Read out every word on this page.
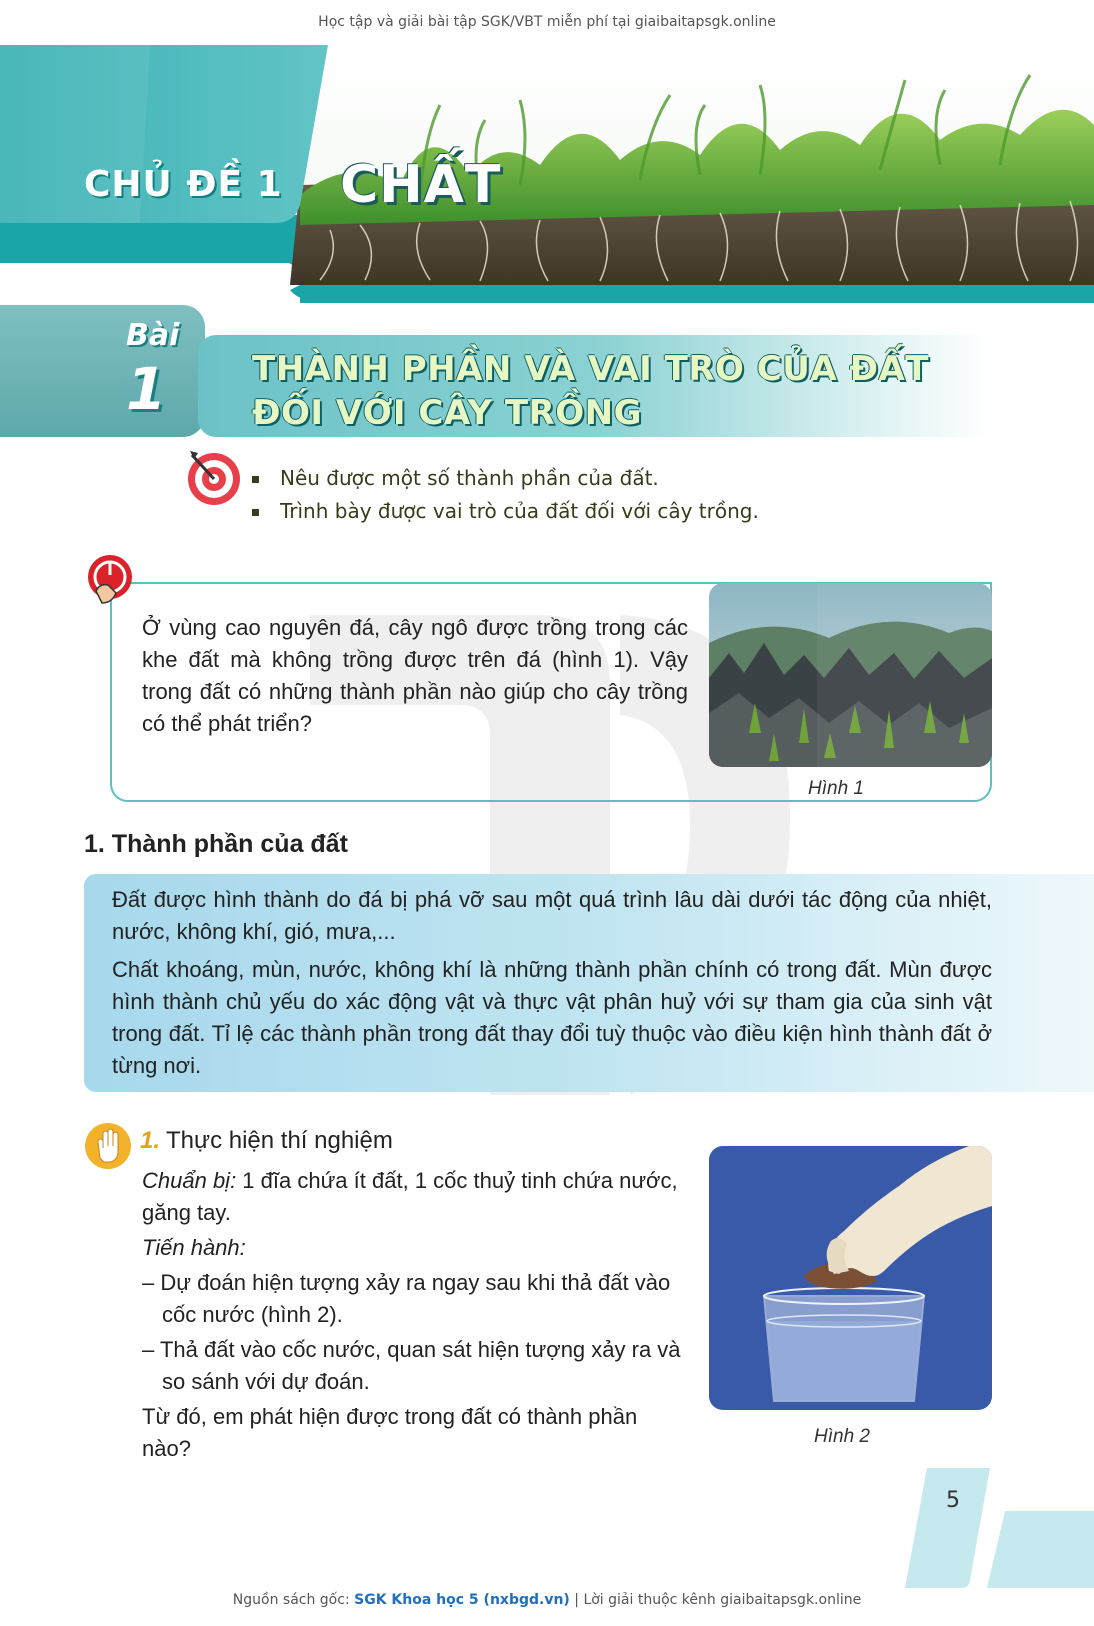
Học tập và giải bài tập SGK/VBT miễn phí tại giaibaitapsgk.online
CHỦ ĐỀ 1 CHẤT
Bài
1	THÀNH PHẦN VÀ VAI TRÒ CỦA ĐẤT
ĐỐI VỚI CÂY TRỒNG
Nêu được một số thành phần của đất.
Trình bày được vai trò của đất đối với cây trồng.
Ở vùng cao nguyên đá, cây ngô được trồng trong các khe đất mà không trồng được trên đá (hình 1). Vậy trong đất có những thành phần nào giúp cho cây trồng có thể phát triển?
Hình 1
1. Thành phần của đất

Đất được hình thành do đá bị phá vỡ sau một quá trình lâu dài dưới tác động của nhiệt, nước, không khí, gió, mưa,...

Chất khoáng, mùn, nước, không khí là những thành phần chính có trong đất. Mùn được hình thành chủ yếu do xác động vật và thực vật phân huỷ với sự tham gia của sinh vật trong đất. Tỉ lệ các thành phần trong đất thay đổi tuỳ thuộc vào điều kiện hình thành đất ở từng nơi.

1. Thực hiện thí nghiệm

Chuẩn bị: 1 đĩa chứa ít đất, 1 cốc thuỷ tinh chứa nước, găng tay.

Tiến hành:

– Dự đoán hiện tượng xảy ra ngay sau khi thả đất vào cốc nước (hình 2).

– Thả đất vào cốc nước, quan sát hiện tượng xảy ra và so sánh với dự đoán.

Từ đó, em phát hiện được trong đất có thành phần nào?	Hình 2
5
Nguồn sách gốc: SGK Khoa học 5 (nxbgd.vn) | Lời giải thuộc kênh giaibaitapsgk.online
